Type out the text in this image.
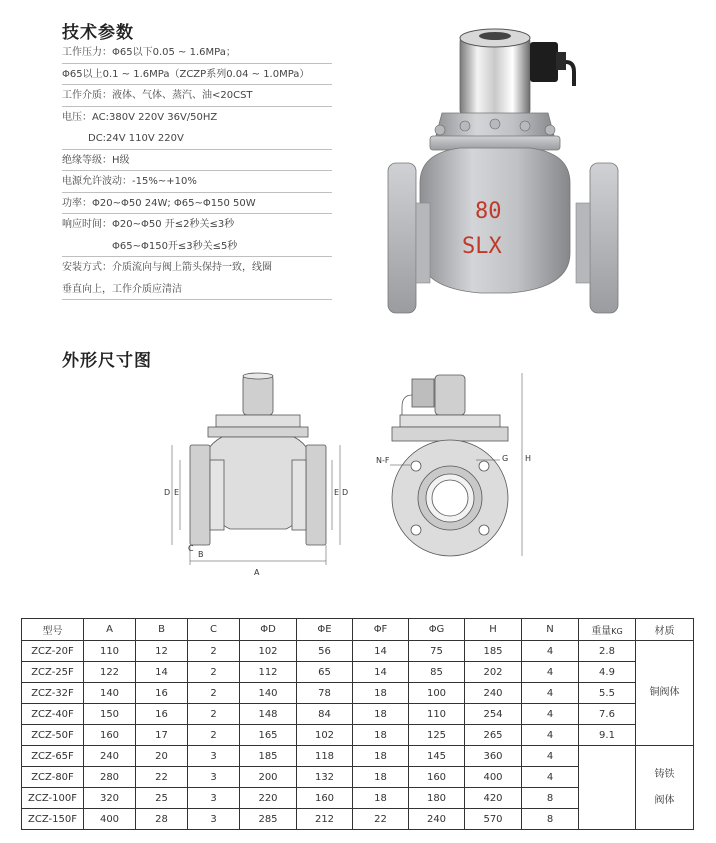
技术参数
工作压力：Φ65以下0.05 ~ 1.6MPa；
Φ65以上0.1 ~ 1.6MPa（ZCZP系列0.04 ~ 1.0MPa）
工作介质：液体、气体、蒸汽、油<20CST
电压：AC:380V 220V 36V/50HZ
DC:24V 110V 220V
绝缘等级：H级
电源允许波动：-15%~+10%
功率：Φ20~Φ50 24W; Φ65~Φ150 50W
响应时间：Φ20~Φ50 开≤2秒关≤3秒
Φ65~Φ150开≤3秒关≤5秒
安装方式：介质流向与阀上箭头保持一致，线圈
垂直向上，工作介质应清洁
80
SLX
外形尺寸图
A
B
C
D E	D
E
N-F	G H
型号	A	B	C	ΦD	ΦE	ΦF	ΦG	H	N	重量KG	材质
ZCZ-20F	110	12	2	102	56	14	75	185	4	2.8	铜阀体
ZCZ-25F	122	14	2	112	65	14	85	202	4	4.9	
ZCZ-32F	140	16	2	140	78	18	100	240	4	5.5	
ZCZ-40F	150	16	2	148	84	18	110	254	4	7.6	
ZCZ-50F	160	17	2	165	102	18	125	265	4	9.1	
ZCZ-65F	240	20	3	185	118	18	145	360	4		铸铁
阀体
ZCZ-80F	280	22	3	200	132	18	160	400	4		
ZCZ-100F	320	25	3	220	160	18	180	420	8		
ZCZ-150F	400	28	3	285	212	22	240	570	8		
